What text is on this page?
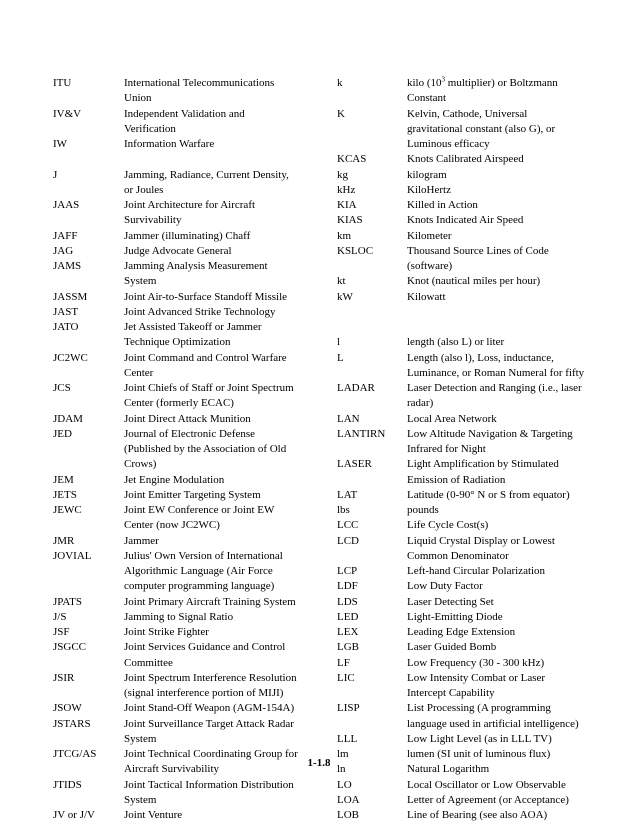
ITU	International Telecommunications
Union
IV&V	Independent Validation and
Verification
IW	Information Warfare
J	Jamming, Radiance, Current Density,
or Joules
JAAS	Joint Architecture for Aircraft
Survivability
JAFF	Jammer (illuminating) Chaff
JAG	Judge Advocate General
JAMS	Jamming Analysis Measurement
System
JASSM	Joint Air-to-Surface Standoff Missile
JAST	Joint Advanced Strike Technology
JATO	Jet Assisted Takeoff or Jammer
Technique Optimization
JC2WC	Joint Command and Control Warfare
Center
JCS	Joint Chiefs of Staff or Joint Spectrum
Center (formerly ECAC)
JDAM	Joint Direct Attack Munition
JED	Journal of Electronic Defense
(Published by the Association of Old
Crows)
JEM	Jet Engine Modulation
JETS	Joint Emitter Targeting System
JEWC	Joint EW Conference or Joint EW
Center (now JC2WC)
JMR	Jammer
JOVIAL	Julius' Own Version of International
Algorithmic Language (Air Force
computer programming language)
JPATS	Joint Primary Aircraft Training System
J/S	Jamming to Signal Ratio
JSF	Joint Strike Fighter
JSGCC	Joint Services Guidance and Control
Committee
JSIR	Joint Spectrum Interference Resolution
(signal interference portion of MIJI)
JSOW	Joint Stand-Off Weapon (AGM-154A)
JSTARS	Joint Surveillance Target Attack Radar
System
JTCG/AS	Joint Technical Coordinating Group for
Aircraft Survivability
JTIDS	Joint Tactical Information Distribution
System
JV or J/V	Joint Venture
k	kilo ($10^3$ multiplier) or Boltzmann
Constant
K	Kelvin, Cathode, Universal
gravitational constant (also G), or
Luminous efficacy
KCAS	Knots Calibrated Airspeed
kg	kilogram
kHz	KiloHertz
KIA	Killed in Action
KIAS	Knots Indicated Air Speed
km	Kilometer
KSLOC	Thousand Source Lines of Code
(software)
kt	Knot (nautical miles per hour)
kW	Kilowatt
l	length (also L) or liter
L	Length (also l), Loss, inductance,
Luminance, or Roman Numeral for fifty
LADAR	Laser Detection and Ranging (i.e., laser
radar)
LAN	Local Area Network
LANTIRN	Low Altitude Navigation & Targeting
Infrared for Night
LASER	Light Amplification by Stimulated
Emission of Radiation
LAT	Latitude (0-90° N or S from equator)
lbs	pounds
LCC	Life Cycle Cost(s)
LCD	Liquid Crystal Display or Lowest
Common Denominator
LCP	Left-hand Circular Polarization
LDF	Low Duty Factor
LDS	Laser Detecting Set
LED	Light-Emitting Diode
LEX	Leading Edge Extension
LGB	Laser Guided Bomb
LF	Low Frequency (30 - 300 kHz)
LIC	Low Intensity Combat or Laser
Intercept Capability
LISP	List Processing (A programming
language used in artificial intelligence)
LLL	Low Light Level (as in LLL TV)
lm	lumen (SI unit of luminous flux)
ln	Natural Logarithm
LO	Local Oscillator or Low Observable
LOA	Letter of Agreement (or Acceptance)
LOB	Line of Bearing (see also AOA)
1-1.8
